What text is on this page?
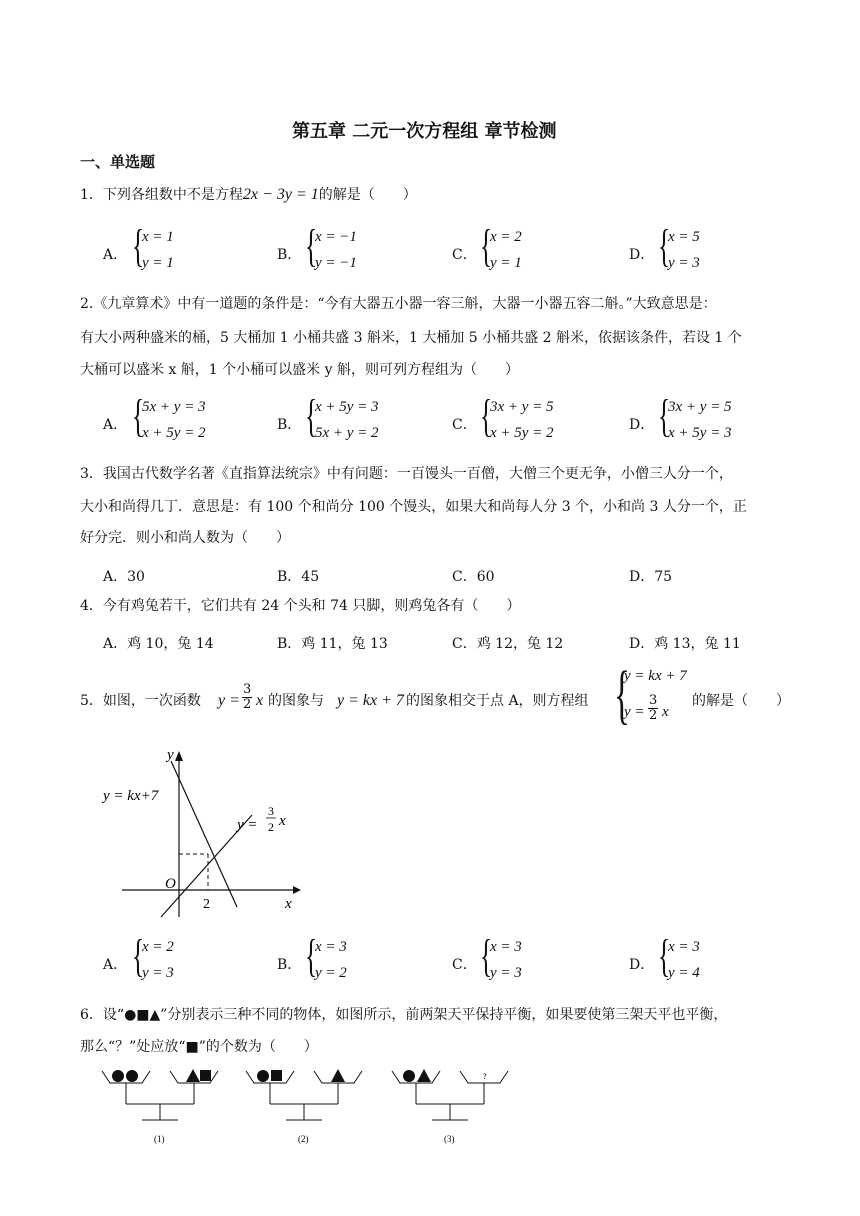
第五章 二元一次方程组 章节检测
一、单选题
1．下列各组数中不是方程2x − 3y = 1的解是（　　）
A． {
x = 1
y = 1	B． {
x = −1
y = −1	C． {
x = 2
y = 1	D． {
x = 5
y = 3
2.《九章算术》中有一道题的条件是：“今有大器五小器一容三斛，大器一小器五容二斛。”大致意思是：
有大小两种盛米的桶，5 大桶加 1 小桶共盛 3 斛米，1 大桶加 5 小桶共盛 2 斛米，依据该条件，若设 1 个
大桶可以盛米 x 斛，1 个小桶可以盛米 y 斛，则可列方程组为（　　）
A． {
5x + y = 3
x + 5y = 2	B． {
x + 5y = 3
5x + y = 2	C． {
3x + y = 5
x + 5y = 2	D． {
3x + y = 5
x + 5y = 3
3．我国古代数学名著《直指算法统宗》中有问题：一百馒头一百僧，大僧三个更无争，小僧三人分一个，
大小和尚得几丁．意思是：有 100 个和尚分 100 个馒头，如果大和尚每人分 3 个，小和尚 3 人分一个，正
好分完．则小和尚人数为（　　）
A．30	B．45	C．60	D．75
4．今有鸡兔若干，它们共有 24 个头和 74 只脚，则鸡兔各有（　　）
A．鸡 10，兔 14	B．鸡 11，兔 13	C．鸡 12，兔 12	D．鸡 13，兔 11
5．如图，一次函数 $y = \frac{3}{2}$ x 的图象与 y = kx + 7 的图象相交于点 A，则方程组 {
y = kx + 7
$y = \frac{3}{2}$ x
的解是（　　）
y = kx+7
y =
3
2 x
y
x
O
2
A． {
x = 2
y = 3	B． {
x = 3
y = 2	C． {
x = 3
y = 3	D． {
x = 3
y = 4
6．设“●■▲”分别表示三种不同的物体，如图所示，前两架天平保持平衡，如果要使第三架天平也平衡，
那么“？”处应放“■”的个数为（　　）
(1)	(2)
?
(3)
